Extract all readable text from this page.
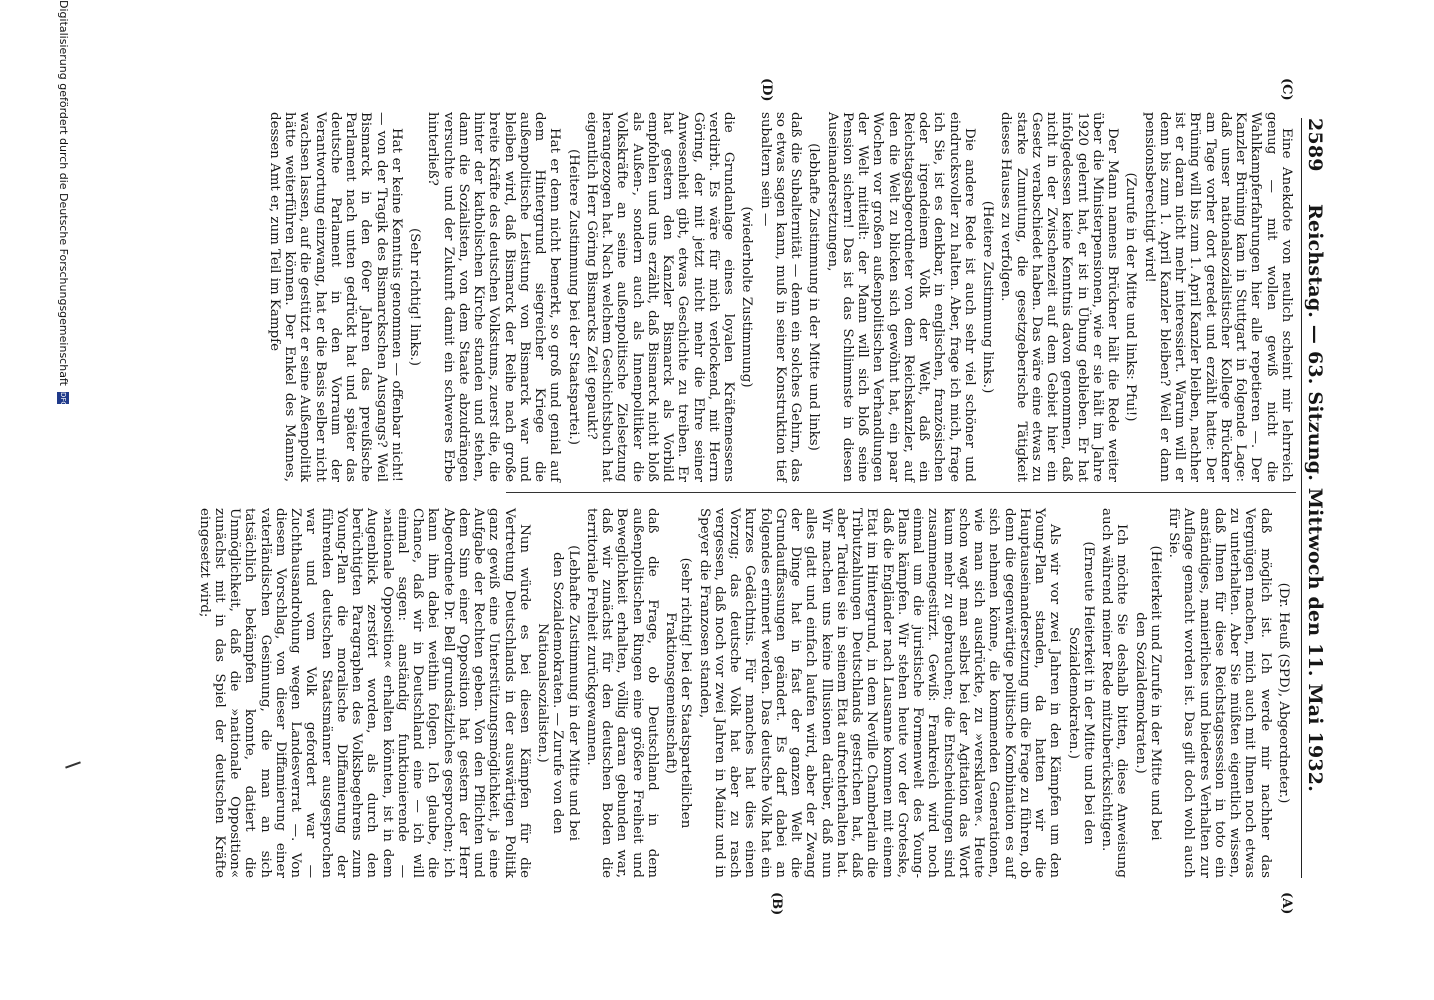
2589
Reichstag. — 63. Sitzung. Mittwoch den 11. Mai 1932.
(C)
(D)
(A)
(B)

Eine Anekdote von neulich scheint mir lehrreich genug — mit wollen gewiß nicht die Wahlkampferfahrungen hier alle repetieren —. Der Kanzler Brüning kam in Stuttgart in folgende Lage: daß unser nationalsozialistischer Kollege Brückner am Tage vorher dort geredet und erzählt hatte: Der Brüning will bis zum 1. April Kanzler bleiben, nachher ist er daran nicht mehr interessiert. Warum will er denn bis zum 1. April Kanzler bleiben? Weil er dann pensionsberechtigt wird!

(Zurufe in der Mitte und links: Pfui!)

Der Mann namens Brückner hält die Rede weiter über die Ministerpensionen, wie er sie hält im Jahre 1920 gelernt hat, er ist in Übung geblieben. Er hat infolgedessen keine Kenntnis davon genommen, daß nicht in der Zwischenzeit auf dem Gebiet hier ein Gesetz verabschiedet haben. Das wäre eine etwas zu starke Zumutung, die gesetzgeberische Tätigkeit dieses Hauses zu verfolgen.

(Heitere Zustimmung links.)

Die andere Rede ist auch sehr viel schöner und eindrucksvoller zu halten. Aber, frage ich mich, frage ich Sie, ist es denkbar, in englischen, französischen oder irgendeinem Volk der Welt, daß ein Reichstagsabgeordneter von dem Reichskanzler, auf den die Welt zu blicken sich gewöhnt hat, ein paar Wochen vor großen außenpolitischen Verhandlungen der Welt mitteilt: der Mann will sich bloß seine Pension sichern! Das ist das Schlimmste in diesen Auseinandersetzungen,

(lebhafte Zustimmung in der Mitte und links)

daß die Subalternität — denn ein solches Gehirn, das so etwas sagen kann, muß in seiner Konstruktion tief subaltern sein —

(wiederholte Zustimmung)

die Grundanlage eines loyalen Kräftemessens verdirbt. Es wäre für mich verlockend, mit Herrn Göring, der mit jetzt nicht mehr die Ehre seiner Anwesenheit gibt, etwas Geschichte zu treiben. Er hat gestern den Kanzler Bismarck als Vorbild empfohlen und uns erzählt, daß Bismarck nicht bloß als Außen-, sondern auch als Innenpolitiker die Volkskräfte an seine außenpolitische Zielsetzung herangezogen hat. Nach welchem Geschichtsbuch hat eigentlich Herr Göring Bismarcks Zeit gepaukt?

(Heitere Zustimmung bei der Staatspartei.)

Hat er denn nicht bemerkt, so groß und genial auf dem Hintergrund siegreicher Kriege die außenpolitische Leistung von Bismarck war und bleiben wird, daß Bismarck der Reihe nach große breite Kräfte des deutschen Volkstums, zuerst die, die hinter der katholischen Kirche standen und stehen, dann die Sozialisten, von dem Staate abzudrängen versuchte und der Zukunft damit ein schweres Erbe hinterließ?

(Sehr richtig! links.)

Hat er keine Kenntnis genommen — offenbar nicht! — von der Tragik des Bismarckschen Ausgangs? Weil Bismarck in den 60er Jahren das preußische Parlament nach unten gedrückt hat und später das deutsche Parlament in den Vorraum der Verantwortung einzwang, hat er die Basis selber nicht wachsen lassen, auf die gestützt er seine Außenpolitik hätte weiterführen können. Der Enkel des Mannes, dessen Amt er, zum Teil im Kampfe

(Dr. Heuß (SPD), Abgeordneter.)

daß möglich ist. Ich werde mir nachher das Vergnügen machen, mich auch mit Ihnen noch etwas zu unterhalten. Aber Sie müßten eigentlich wissen, daß Ihnen für diese Reichstagssession in toto ein anständiges, manierliches und biederes Verhalten zur Auflage gemacht worden ist. Das gilt doch wohl auch für Sie.

(Heiterkeit und Zurufe in der Mitte und bei den Sozialdemokraten.)

Ich möchte Sie deshalb bitten, diese Anweisung auch während meiner Rede mitzuberücksichtigen.

(Erneute Heiterkeit in der Mitte und bei den Sozialdemokraten.)

Als wir vor zwei Jahren in den Kämpfen um den Young-Plan standen, da hatten wir die Hauptauseinandersetzung um die Frage zu führen, ob denn die gegenwärtige politische Kombination es auf sich nehmen könne, die kommenden Generationen, wie man sich ausdrückte, zu »versklaven«. Heute schon wagt man selbst bei der Agitation das Wort kaum mehr zu gebrauchen; die Entscheidungen sind zusammengestürzt. Gewiß: Frankreich wird noch einmal um die juristische Formenwelt des Young-Plans kämpfen. Wir stehen heute vor der Groteske, daß die Engländer nach Lausanne kommen mit einem Etat im Hintergrund, in dem Neville Chamberlain die Tributzahlungen Deutschlands gestrichen hat, daß aber Tardieu sie in seinem Etat aufrechterhalten hat. Wir machen uns keine Illusionen darüber, daß nun alles glatt und einfach laufen wird, aber der Zwang der Dinge hat in fast der ganzen Welt die Grundauffassungen geändert. Es darf dabei an folgendes erinnert werden. Das deutsche Volk hat ein kurzes Gedächtnis. Für manches hat dies einen Vorzug; das deutsche Volk hat aber zu rasch vergessen, daß noch vor zwei Jahren in Mainz und in Speyer die Franzosen standen,

(sehr richtig! bei der Staatsparteilichen Fraktionsgemeinschaft)

daß die Frage, ob Deutschland in dem außenpolitischen Ringen eine größere Freiheit und Beweglichkeit erhalten, völlig daran gebunden war, daß wir zunächst für den deutschen Boden die territoriale Freiheit zurückgewannen.

(Lebhafte Zustimmung in der Mitte und bei den Sozialdemokraten. — Zurufe von den Nationalsozialisten.)

Nun würde es bei diesen Kämpfen für die Vertretung Deutschlands in der auswärtigen Politik ganz gewiß eine Unterstützungsmöglichkeit, ja eine Aufgabe der Rechten geben. Von den Pflichten und dem Sinn einer Opposition hat gestern der Herr Abgeordnete Dr. Bell grundsätzliches gesprochen; ich kann ihm dabei weithin folgen. Ich glaube, die Chance, daß wir in Deutschland eine — ich will einmal sagen: anständig funktionierende — »nationale Opposition« erhalten könnten, ist in dem Augenblick zerstört worden, als durch den berüchtigten Paragraphen des Volksbegehrens zum Young-Plan die moralische Diffamierung der führenden deutschen Staatsmänner ausgesprochen war und vom Volk gefordert war — Zuchthausandrohung wegen Landesverrat —. Von diesem Vorschlag, von dieser Diffamierung einer vaterländischen Gesinnung, die man an sich tatsächlich bekämpfen konnte, datiert die Unmöglichkeit, daß die »nationale Opposition« zunächst mit in das Spiel der deutschen Kräfte eingesetzt wird;

Digitalisierung gefördert durch die Deutsche Forschungsgemeinschaft
DFG
